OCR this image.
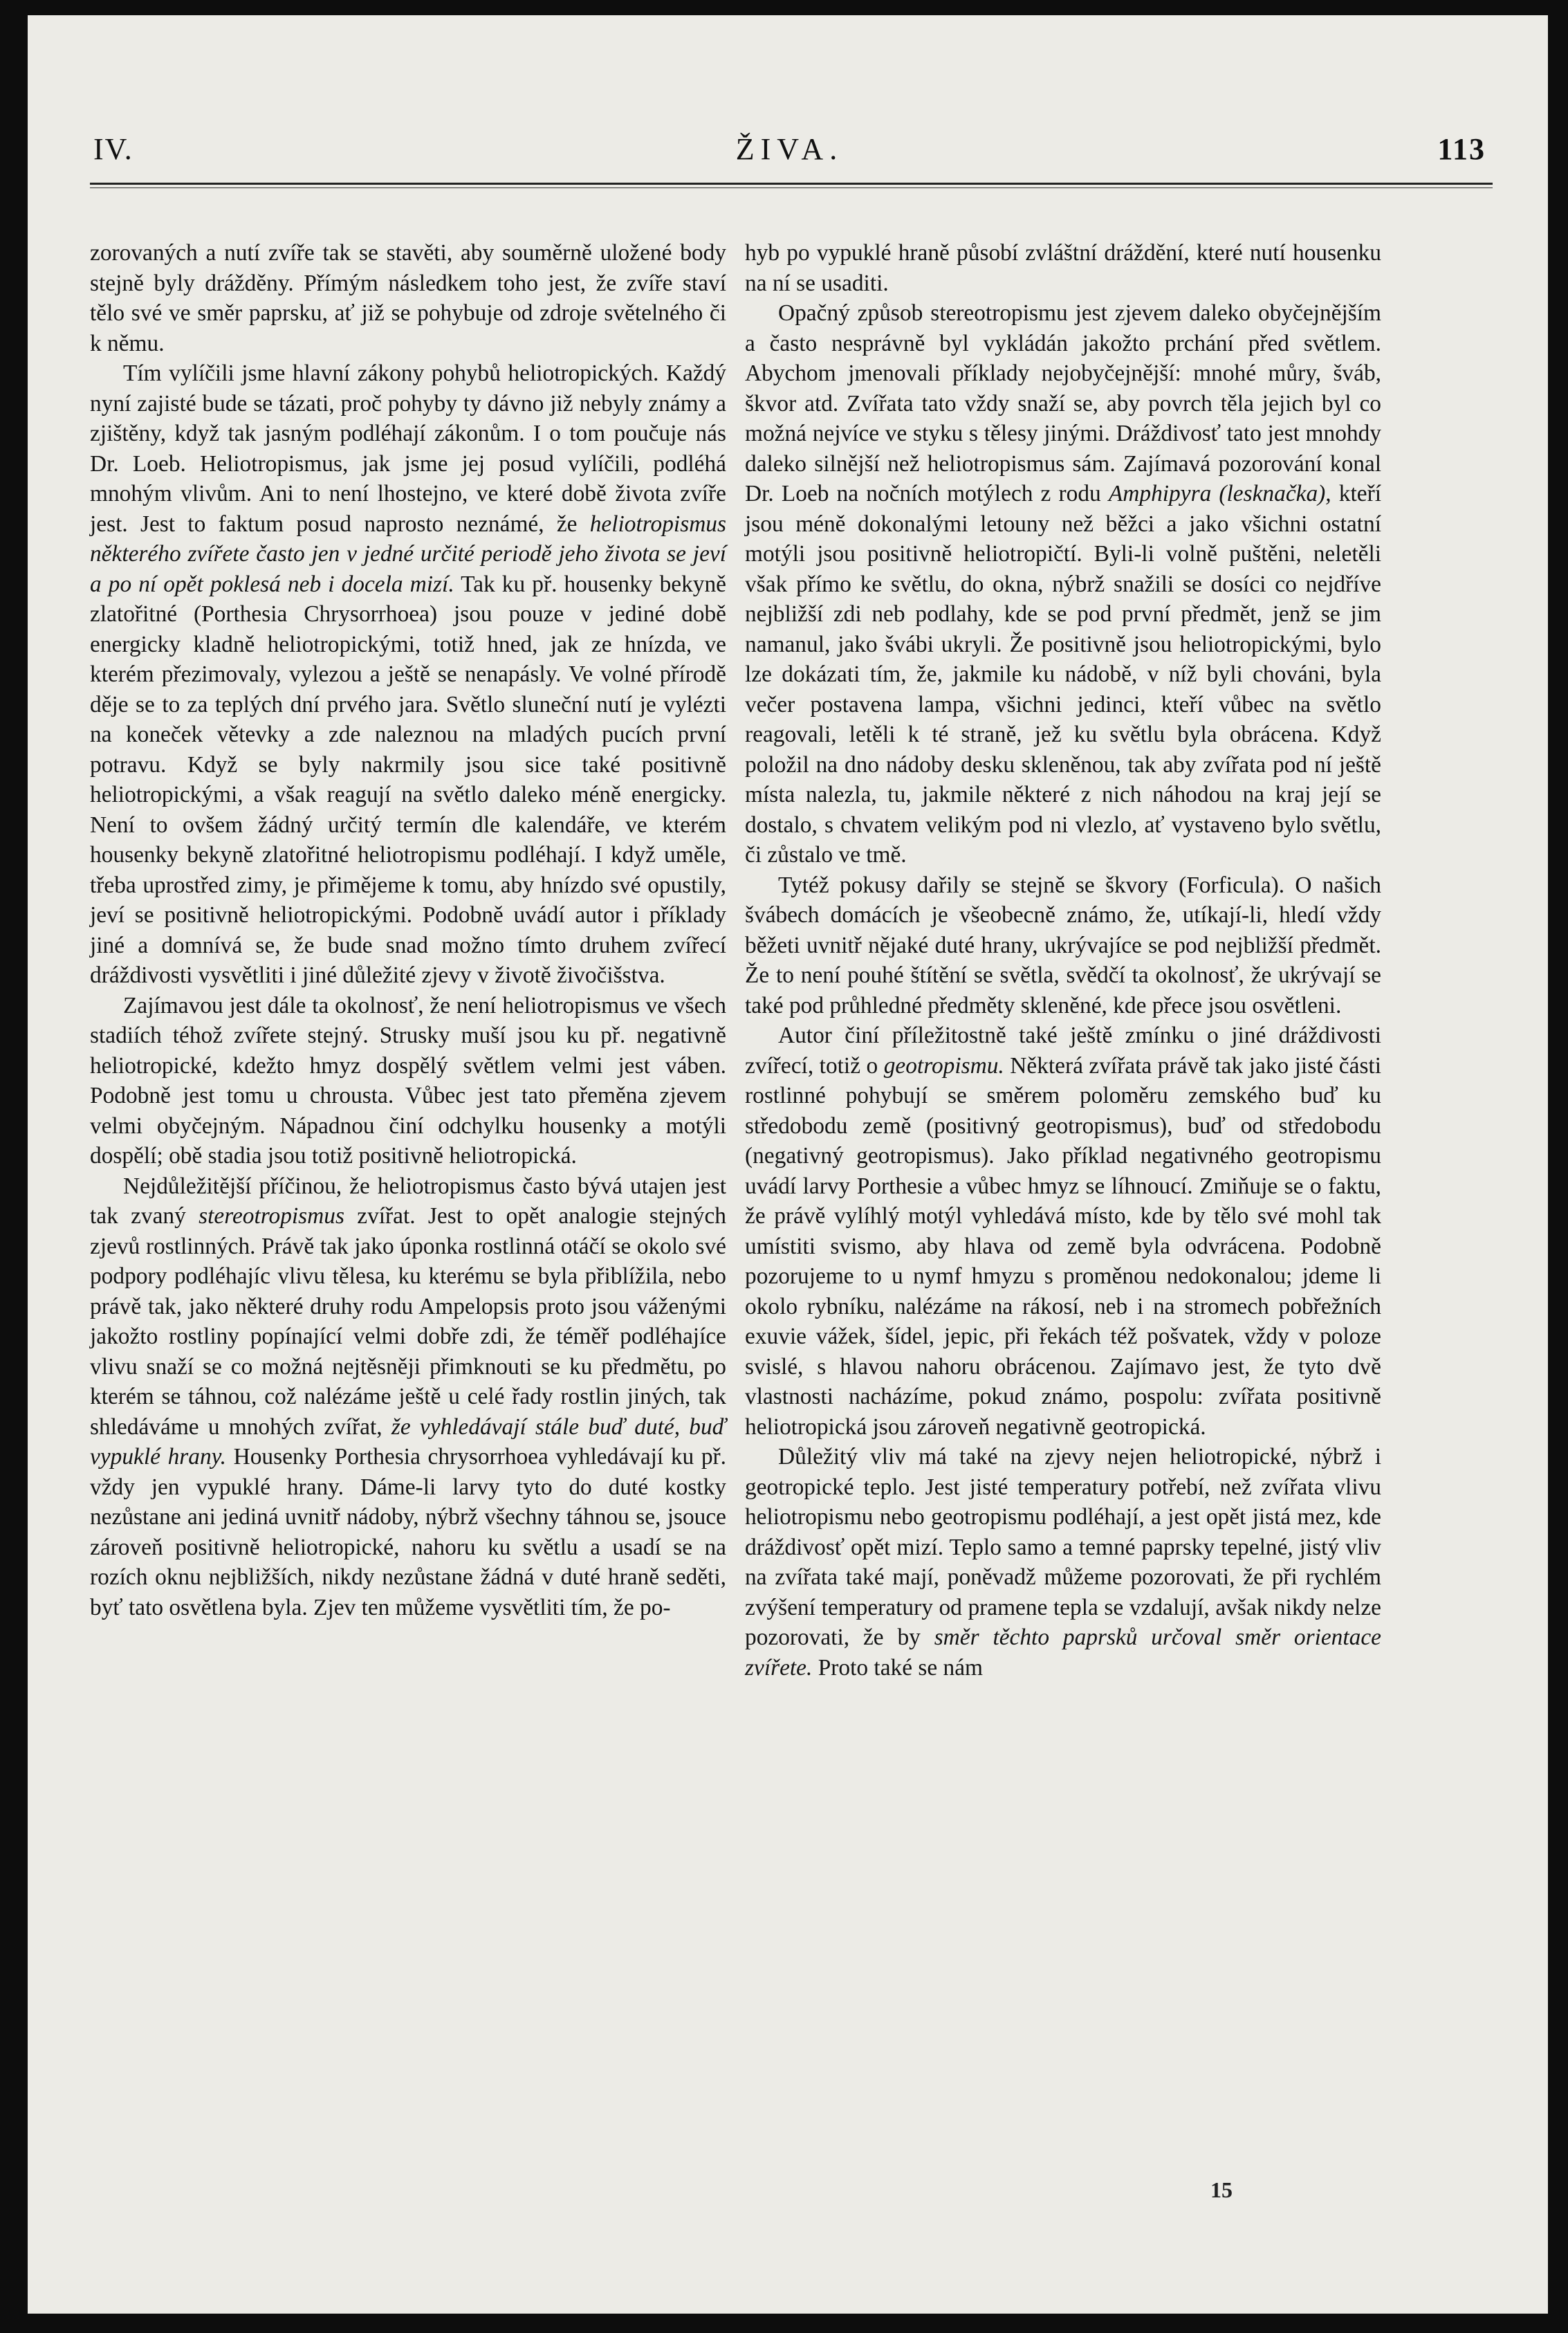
IV.	ŽIVA.	113

zorovaných a nutí zvíře tak se stavěti, aby souměrně uložené body stejně byly drážděny. Přímým následkem toho jest, že zvíře staví tělo své ve směr paprsku, ať již se pohybuje od zdroje světelného či k němu.

Tím vylíčili jsme hlavní zákony pohybů heliotropických. Každý nyní zajisté bude se tázati, proč pohyby ty dávno již nebyly známy a zjištěny, když tak jasným podléhají zákonům. I o tom poučuje nás Dr. Loeb. Heliotropismus, jak jsme jej posud vylíčili, podléhá mnohým vlivům. Ani to není lhostejno, ve které době života zvíře jest. Jest to faktum posud naprosto neznámé, že heliotropismus některého zvířete často jen v jedné určité periodě jeho života se jeví a po ní opět poklesá neb i docela mizí. Tak ku př. housenky bekyně zlatořitné (Porthesia Chrysorrhoea) jsou pouze v jediné době energicky kladně heliotropickými, totiž hned, jak ze hnízda, ve kterém přezimovaly, vylezou a ještě se nenapásly. Ve volné přírodě děje se to za teplých dní prvého jara. Světlo sluneční nutí je vylézti na koneček větevky a zde naleznou na mladých pucích první potravu. Když se byly nakrmily jsou sice také positivně heliotropickými, a však reagují na světlo daleko méně energicky. Není to ovšem žádný určitý termín dle kalendáře, ve kterém housenky bekyně zlatořitné heliotropismu podléhají. I když uměle, třeba uprostřed zimy, je přimějeme k tomu, aby hnízdo své opustily, jeví se positivně heliotropickými. Podobně uvádí autor i příklady jiné a domnívá se, že bude snad možno tímto druhem zvířecí dráždivosti vysvětliti i jiné důležité zjevy v životě živočišstva.

Zajímavou jest dále ta okolnosť, že není heliotropismus ve všech stadiích téhož zvířete stejný. Strusky muší jsou ku př. negativně heliotropické, kdežto hmyz dospělý světlem velmi jest váben. Podobně jest tomu u chrousta. Vůbec jest tato přeměna zjevem velmi obyčejným. Nápadnou činí odchylku housenky a motýli dospělí; obě stadia jsou totiž positivně heliotropická.

Nejdůležitější příčinou, že heliotropismus často bývá utajen jest tak zvaný stereotropismus zvířat. Jest to opět analogie stejných zjevů rostlinných. Právě tak jako úponka rostlinná otáčí se okolo své podpory podléhajíc vlivu tělesa, ku kterému se byla přiblížila, nebo právě tak, jako některé druhy rodu Ampelopsis proto jsou váženými jakožto rostliny popínající velmi dobře zdi, že téměř podléhajíce vlivu snaží se co možná nejtěsněji přimknouti se ku předmětu, po kterém se táhnou, což nalézáme ještě u celé řady rostlin jiných, tak shledáváme u mnohých zvířat, že vyhledávají stále buď duté, buď vypuklé hrany. Housenky Porthesia chrysorrhoea vyhledávají ku př. vždy jen vypuklé hrany. Dáme-li larvy tyto do duté kostky nezůstane ani jediná uvnitř nádoby, nýbrž všechny táhnou se, jsouce zároveň positivně heliotropické, nahoru ku světlu a usadí se na rozích oknu nejbližších, nikdy nezůstane žádná v duté hraně seděti, byť tato osvětlena byla. Zjev ten můžeme vysvětliti tím, že po-

hyb po vypuklé hraně působí zvláštní dráždění, které nutí housenku na ní se usaditi.

Opačný způsob stereotropismu jest zjevem daleko obyčejnějším a často nesprávně byl vykládán jakožto prchání před světlem. Abychom jmenovali příklady nejobyčejnější: mnohé můry, šváb, škvor atd. Zvířata tato vždy snaží se, aby povrch těla jejich byl co možná nejvíce ve styku s tělesy jinými. Dráždivosť tato jest mnohdy daleko silnější než heliotropismus sám. Zajímavá pozorování konal Dr. Loeb na nočních motýlech z rodu Amphipyra (lesknačka), kteří jsou méně dokonalými letouny než běžci a jako všichni ostatní motýli jsou positivně heliotropičtí. Byli-li volně puštěni, neletěli však přímo ke světlu, do okna, nýbrž snažili se dosíci co nejdříve nejbližší zdi neb podlahy, kde se pod první předmět, jenž se jim namanul, jako švábi ukryli. Že positivně jsou heliotropickými, bylo lze dokázati tím, že, jakmile ku nádobě, v níž byli chováni, byla večer postavena lampa, všichni jedinci, kteří vůbec na světlo reagovali, letěli k té straně, jež ku světlu byla obrácena. Když položil na dno nádoby desku skleněnou, tak aby zvířata pod ní ještě místa nalezla, tu, jakmile některé z nich náhodou na kraj její se dostalo, s chvatem velikým pod ni vlezlo, ať vystaveno bylo světlu, či zůstalo ve tmě.

Tytéž pokusy dařily se stejně se škvory (Forficula). O našich švábech domácích je všeobecně známo, že, utíkají-li, hledí vždy běžeti uvnitř nějaké duté hrany, ukrývajíce se pod nejbližší předmět. Že to není pouhé štítění se světla, svědčí ta okolnosť, že ukrývají se také pod průhledné předměty skleněné, kde přece jsou osvětleni.

Autor činí příležitostně také ještě zmínku o jiné dráždivosti zvířecí, totiž o geotropismu. Některá zvířata právě tak jako jisté části rostlinné pohybují se směrem poloměru zemského buď ku středobodu země (positivný geotropismus), buď od středobodu (negativný geotropismus). Jako příklad negativného geotropismu uvádí larvy Porthesie a vůbec hmyz se líhnoucí. Zmiňuje se o faktu, že právě vylíhlý motýl vyhledává místo, kde by tělo své mohl tak umístiti svismo, aby hlava od země byla odvrácena. Podobně pozorujeme to u nymf hmyzu s proměnou nedokonalou; jdeme li okolo rybníku, nalézáme na rákosí, neb i na stromech pobřežních exuvie vážek, šídel, jepic, při řekách též pošvatek, vždy v poloze svislé, s hlavou nahoru obrácenou. Zajímavo jest, že tyto dvě vlastnosti nacházíme, pokud známo, pospolu: zvířata positivně heliotropická jsou zároveň negativně geotropická.

Důležitý vliv má také na zjevy nejen heliotropické, nýbrž i geotropické teplo. Jest jisté temperatury potřebí, než zvířata vlivu heliotropismu nebo geotropismu podléhají, a jest opět jistá mez, kde dráždivosť opět mizí. Teplo samo a temné paprsky tepelné, jistý vliv na zvířata také mají, poněvadž můžeme pozorovati, že při rychlém zvýšení temperatury od pramene tepla se vzdalují, avšak nikdy nelze pozorovati, že by směr těchto paprsků určoval směr orientace zvířete. Proto také se nám

15
